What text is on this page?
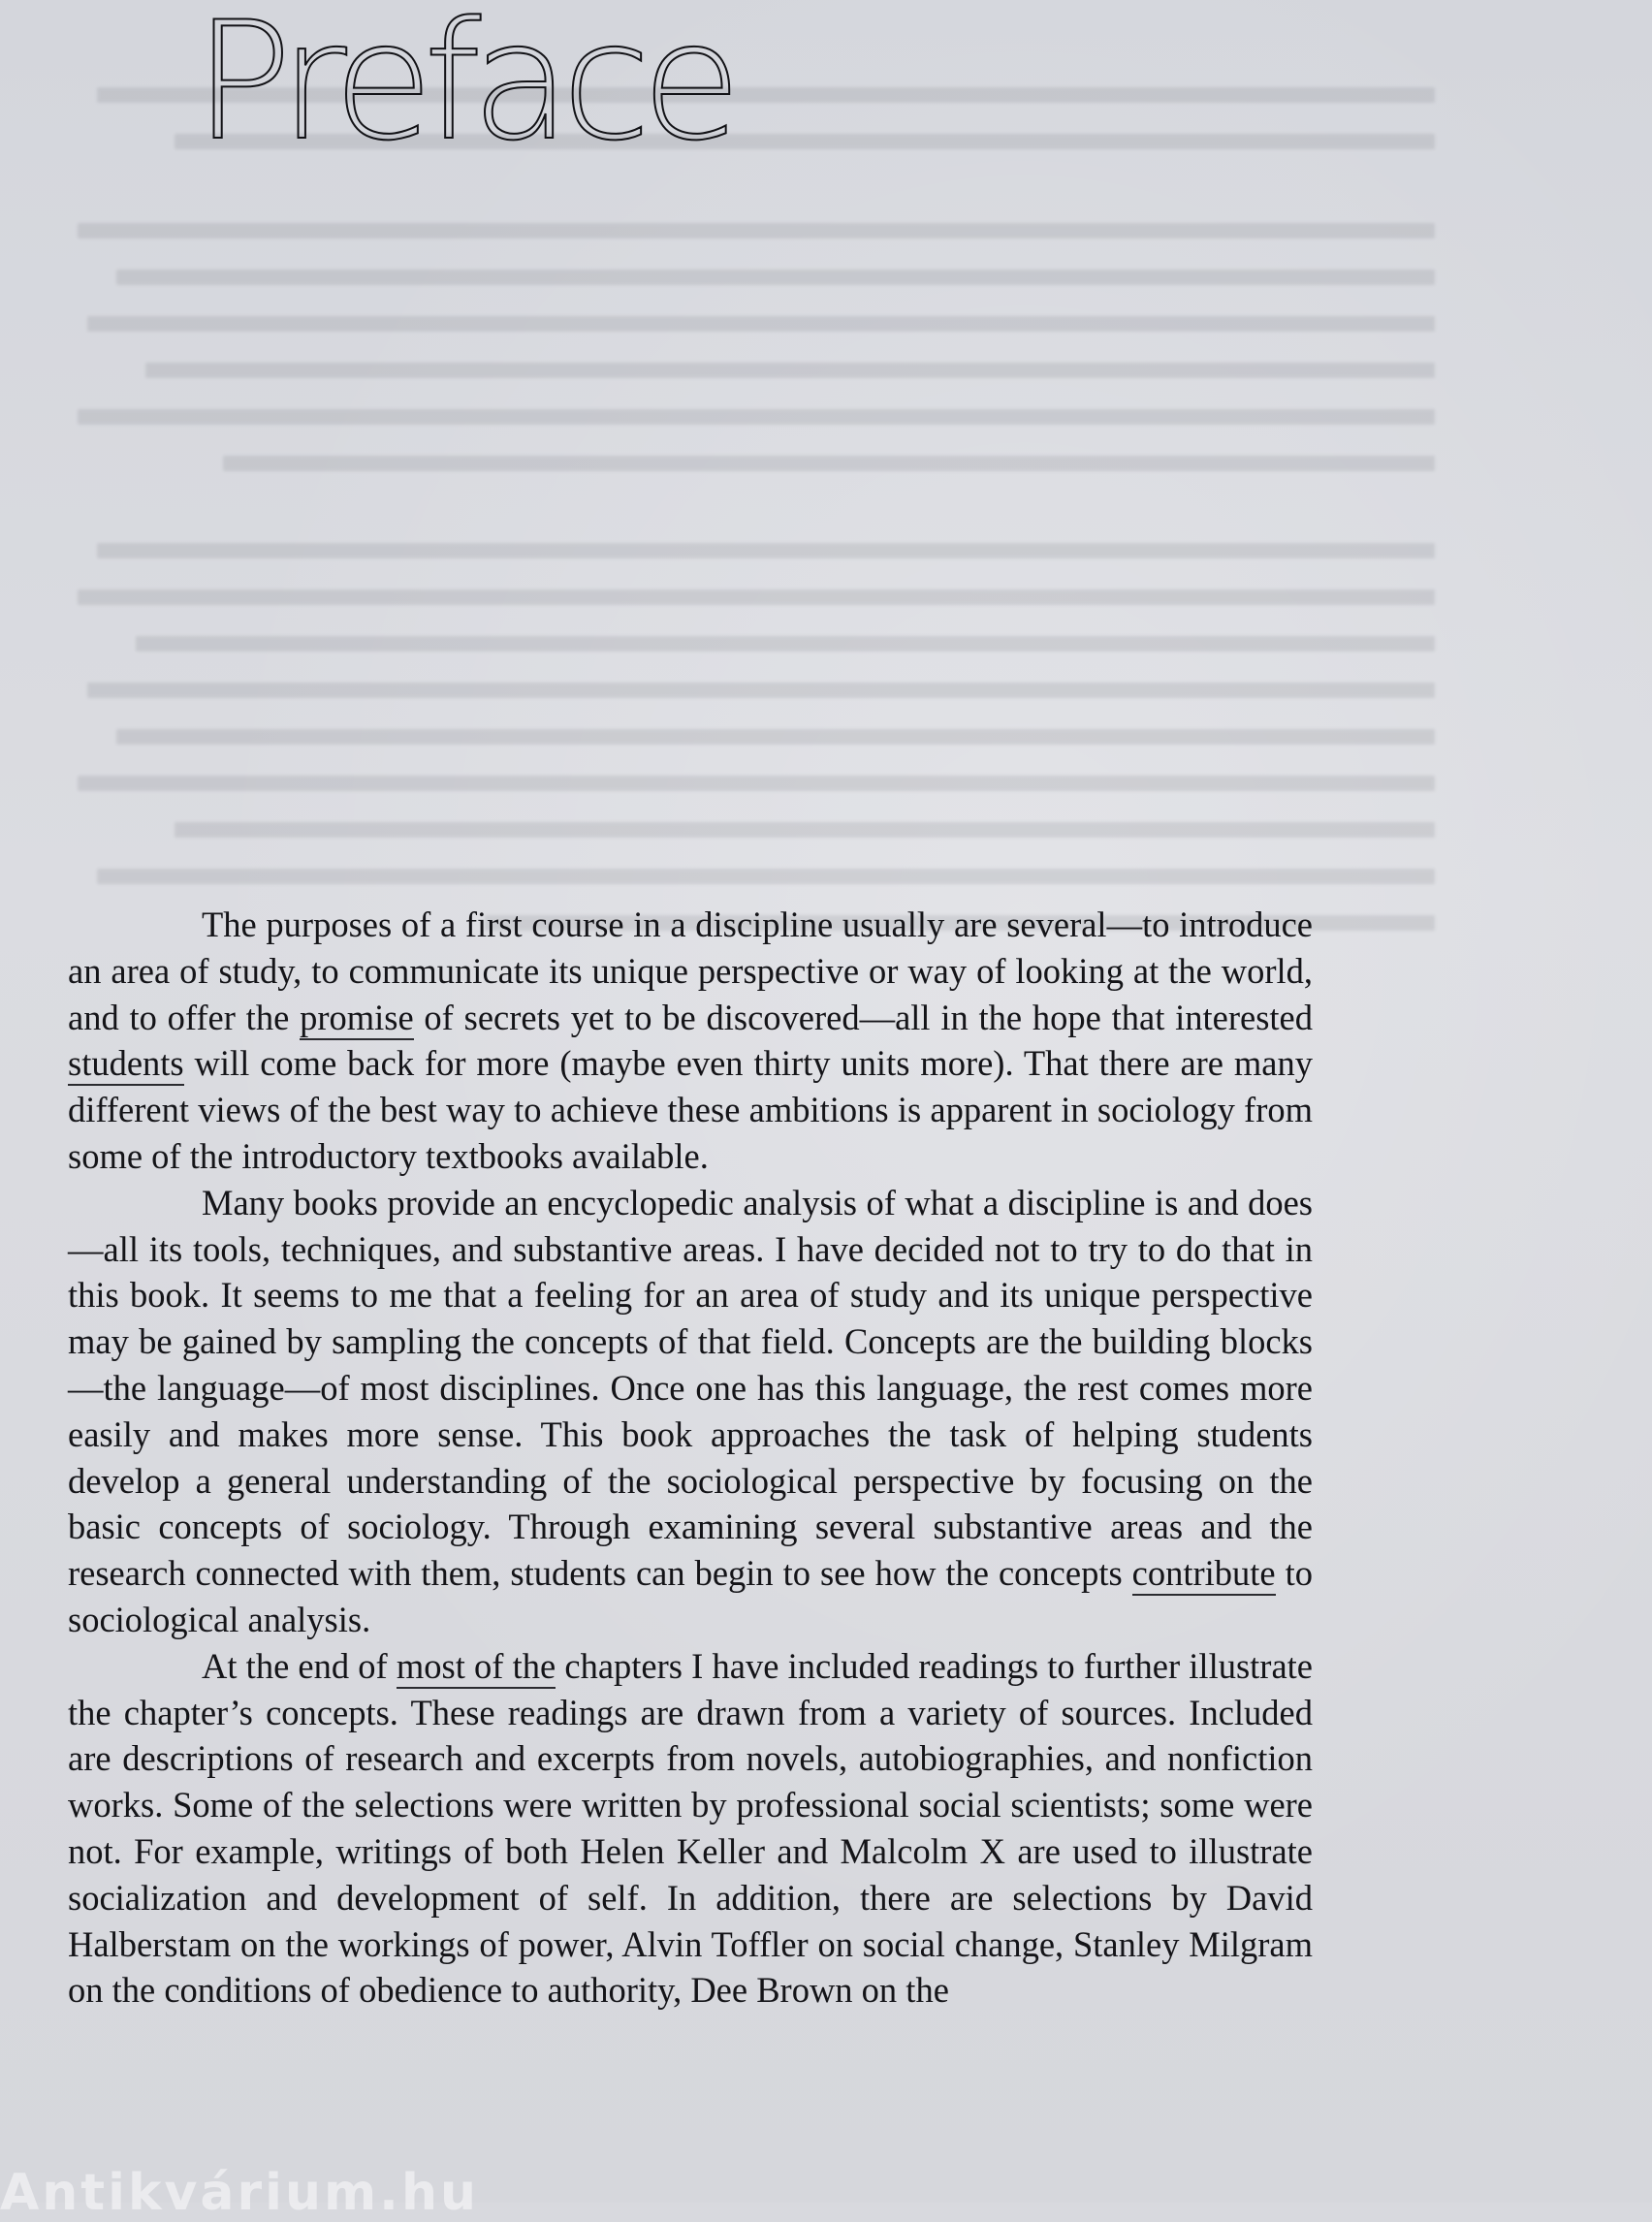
Preface

The purposes of a first course in a discipline usually are several—to introduce an area of study, to communicate its unique perspective or way of looking at the world, and to offer the promise of secrets yet to be discovered—all in the hope that interested students will come back for more (maybe even thirty units more). That there are many different views of the best way to achieve these ambitions is apparent in sociology from some of the introductory textbooks available.

Many books provide an encyclopedic analysis of what a discipline is and does—all its tools, techniques, and substantive areas. I have decided not to try to do that in this book. It seems to me that a feeling for an area of study and its unique perspective may be gained by sampling the concepts of that field. Concepts are the building blocks—the language—of most disciplines. Once one has this language, the rest comes more easily and makes more sense. This book approaches the task of helping students develop a general understanding of the sociological perspective by focusing on the basic concepts of sociology. Through examining several substantive areas and the research connected with them, students can begin to see how the concepts contribute to sociological analysis.

At the end of most of the chapters I have included readings to further illustrate the chapter’s concepts. These readings are drawn from a variety of sources. Included are descriptions of research and excerpts from novels, autobiographies, and nonfiction works. Some of the selections were written by professional social scientists; some were not. For example, writings of both Helen Keller and Malcolm X are used to illustrate socialization and development of self. In addition, there are selections by David Halberstam on the workings of power, Alvin Toffler on social change, Stanley Milgram on the conditions of obedience to authority, Dee Brown on the

Antikvárium.hu
